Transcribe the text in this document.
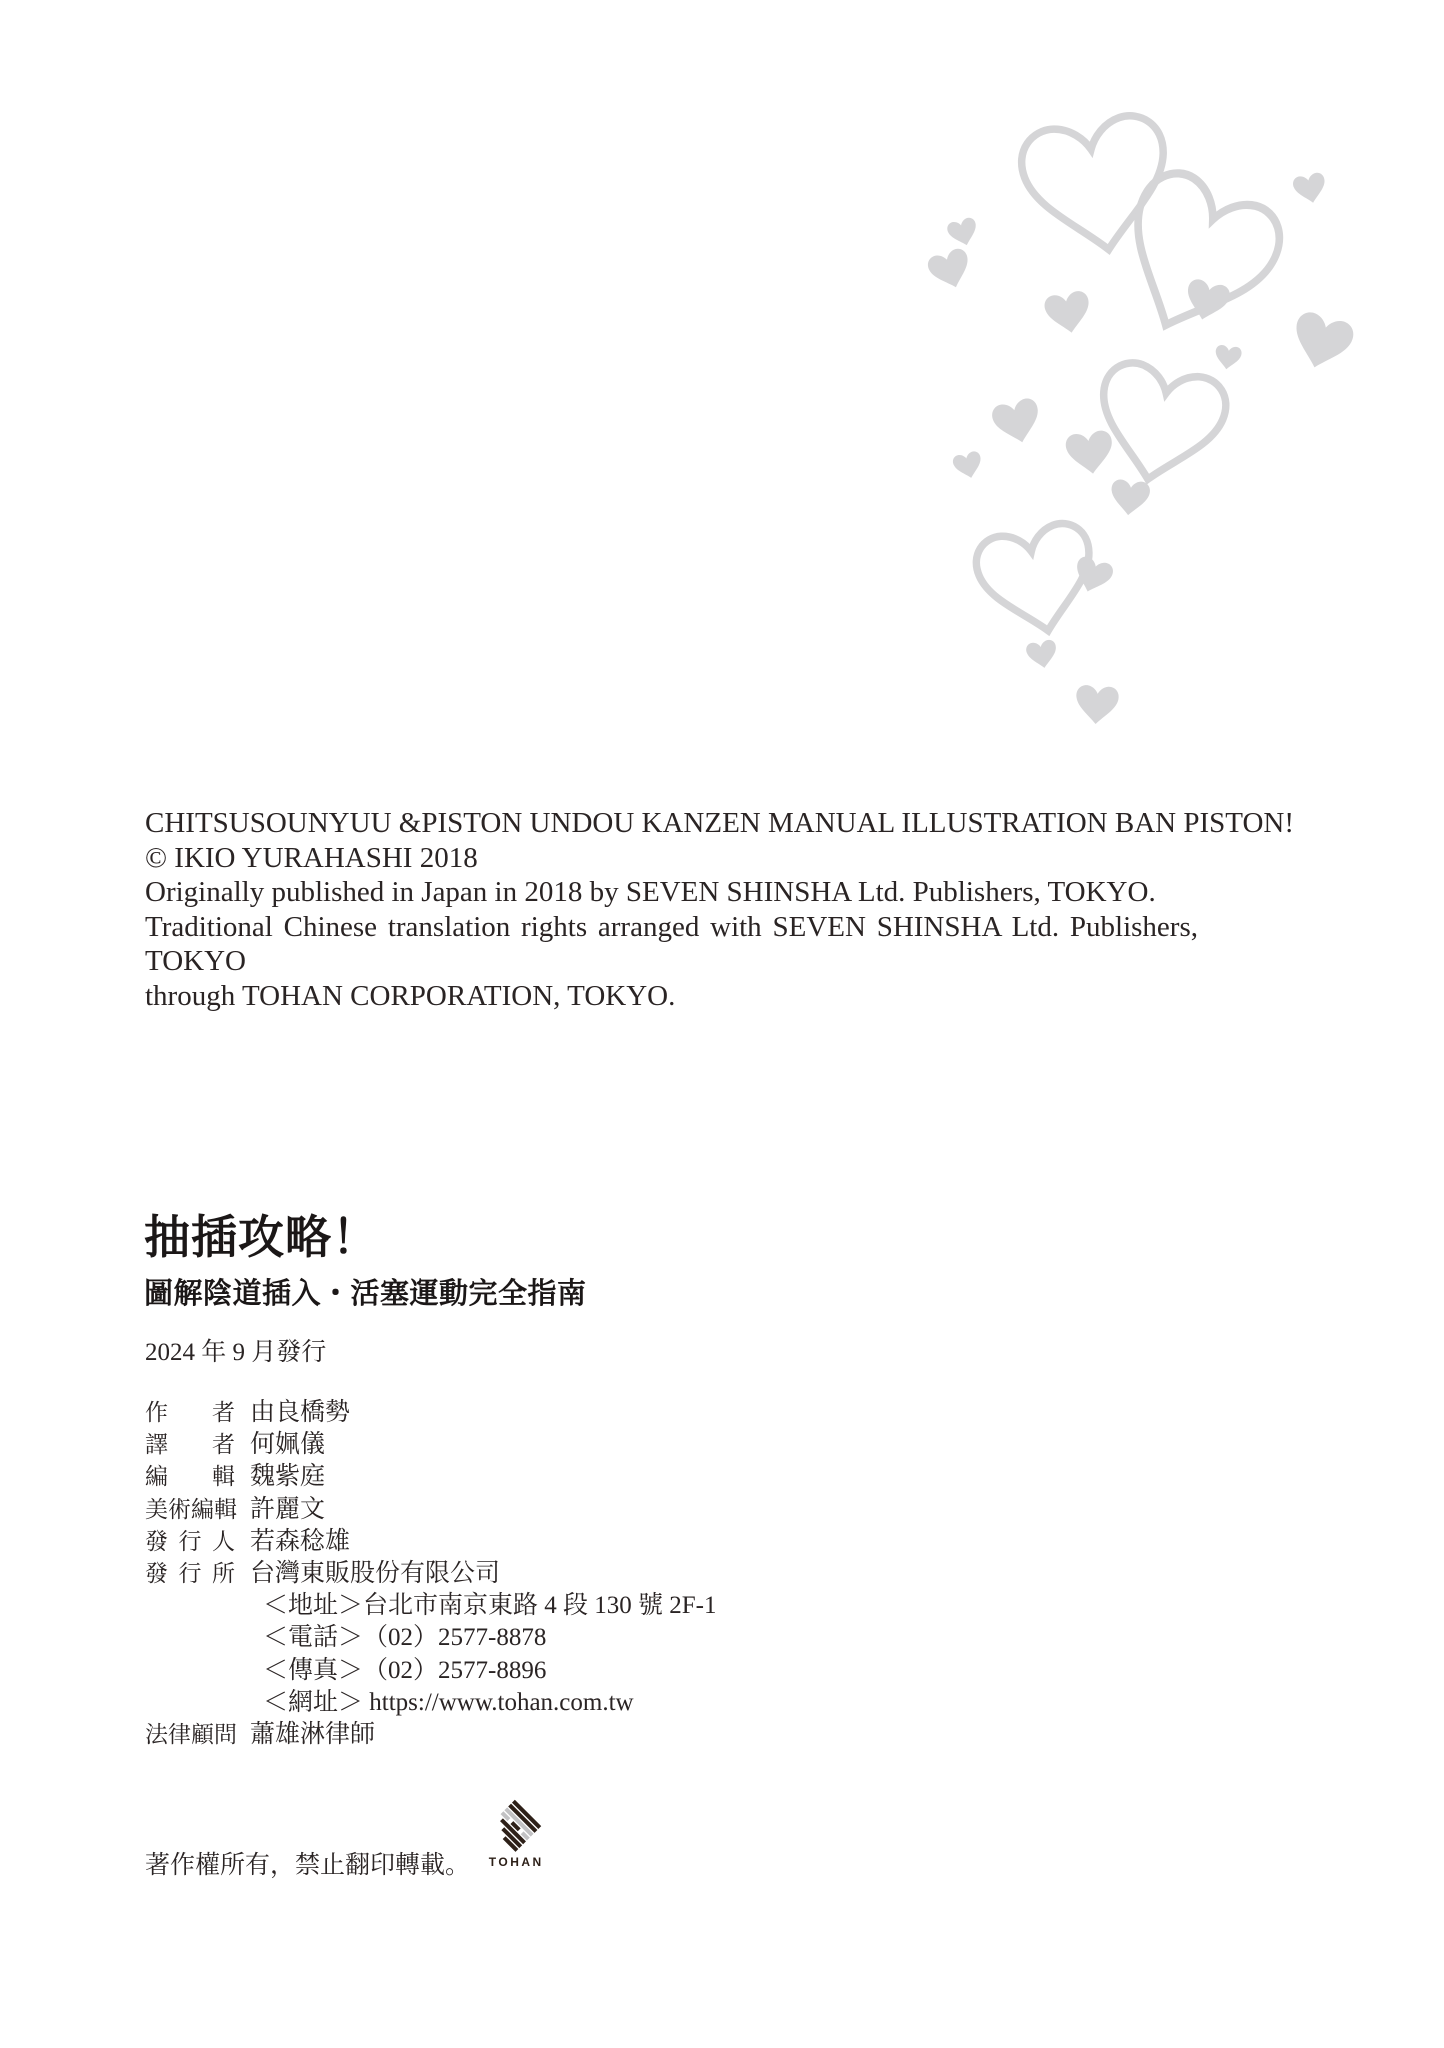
CHITSUSOUNYUU &PISTON UNDOU KANZEN MANUAL ILLUSTRATION BAN PISTON!
© IKIO YURAHASHI 2018
Originally published in Japan in 2018 by SEVEN SHINSHA Ltd. Publishers, TOKYO.
Traditional Chinese translation rights arranged with SEVEN SHINSHA Ltd. Publishers, TOKYO
through TOHAN CORPORATION, TOKYO.
抽插攻略！
圖解陰道插入・活塞運動完全指南
2024 年 9 月發行
作者 由良橋勢
譯者 何姵儀
編輯 魏紫庭
美術編輯 許麗文
發行人 若森稔雄
發行所 台灣東販股份有限公司
＜地址＞台北市南京東路 4 段 130 號 2F-1
＜電話＞（02）2577-8878
＜傳真＞（02）2577-8896
＜網址＞ https://www.tohan.com.tw
法律顧問 蕭雄淋律師
著作權所有，禁止翻印轉載。	TOHAN
